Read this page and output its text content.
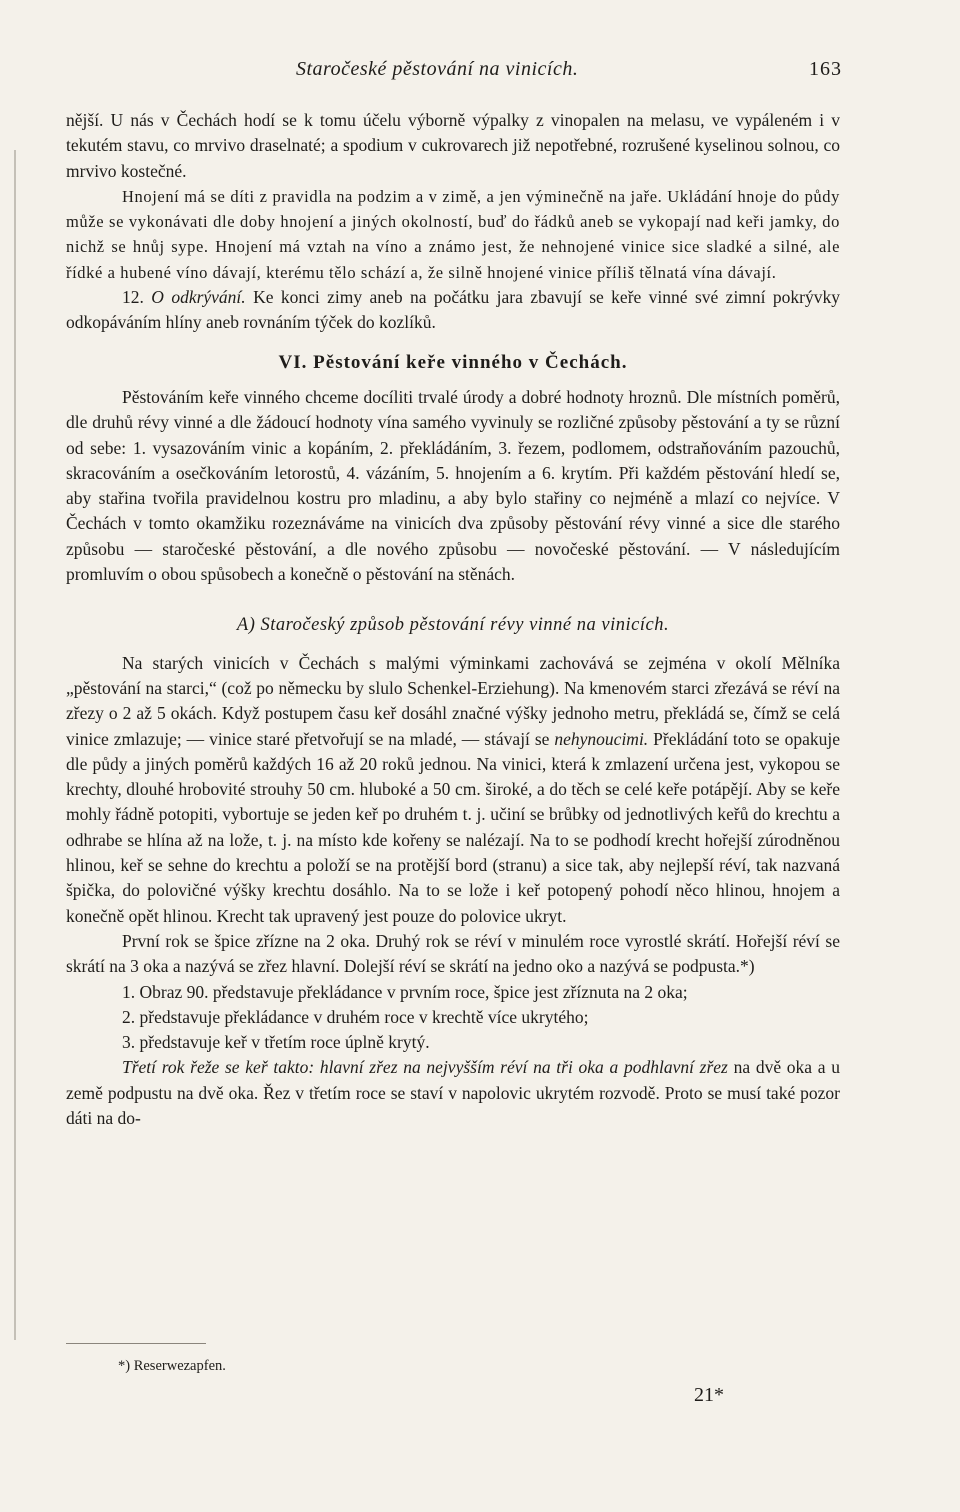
Staročeské pěstování na vinicích.	163

nější. U nás v Čechách hodí se k tomu účelu výborně výpalky z vinopalen na melasu, ve vypáleném i v tekutém stavu, co mrvivo draselnaté; a spodium v cukrovarech již nepotřebné, rozrušené kyselinou solnou, co mrvivo kostečné.

Hnojení má se díti z pravidla na podzim a v zimě, a jen výminečně na jaře. Ukládání hnoje do půdy může se vykonávati dle doby hnojení a jiných okolností, buď do řádků aneb se vykopají nad keři jamky, do nichž se hnůj sype. Hnojení má vztah na víno a známo jest, že nehnojené vinice sice sladké a silné, ale řídké a hubené víno dávají, kterému tělo schází a, že silně hnojené vinice příliš tělnatá vína dávají.

12. O odkrývání. Ke konci zimy aneb na počátku jara zbavují se keře vinné své zimní pokrývky odkopáváním hlíny aneb rovnáním týček do kozlíků.

VI. Pěstování keře vinného v Čechách.

Pěstováním keře vinného chceme docíliti trvalé úrody a dobré hodnoty hroznů. Dle místních poměrů, dle druhů révy vinné a dle žádoucí hodnoty vína samého vyvinuly se rozličné způsoby pěstování a ty se různí od sebe: 1. vysazováním vinic a kopáním, 2. překládáním, 3. řezem, podlomem, odstraňováním pazouchů, skracováním a osečkováním letorostů, 4. vázáním, 5. hnojením a 6. krytím. Při každém pěstování hledí se, aby stařina tvořila pravidelnou kostru pro mladinu, a aby bylo stařiny co nejméně a mlazí co nejvíce. V Čechách v tomto okamžiku rozeznáváme na vinicích dva způsoby pěstování révy vinné a sice dle starého způsobu — staročeské pěstování, a dle nového způsobu — novočeské pěstování. — V následujícím promluvím o obou spůsobech a konečně o pěstování na stěnách.

A) Staročeský způsob pěstování révy vinné na vinicích.

Na starých vinicích v Čechách s malými výminkami zachovává se zejména v okolí Mělníka „pěstování na starci,“ (což po německu by slulo Schenkel-Erziehung). Na kmenovém starci zřezává se réví na zřezy o 2 až 5 okách. Když postupem času keř dosáhl značné výšky jednoho metru, překládá se, čímž se celá vinice zmlazuje; — vinice staré přetvořují se na mladé, — stávají se nehynoucimi. Překládání toto se opakuje dle půdy a jiných poměrů každých 16 až 20 roků jednou. Na vinici, která k zmlazení určena jest, vykopou se krechty, dlouhé hrobovité strouhy 50 cm. hluboké a 50 cm. široké, a do těch se celé keře potápějí. Aby se keře mohly řádně potopiti, vybortuje se jeden keř po druhém t. j. učiní se brůbky od jednotlivých keřů do krechtu a odhrabe se hlína až na lože, t. j. na místo kde kořeny se nalézají. Na to se podhodí krecht hořejší zúrodněnou hlinou, keř se sehne do krechtu a položí se na protější bord (stranu) a sice tak, aby nejlepší réví, tak nazvaná špička, do polovičné výšky krechtu dosáhlo. Na to se lože i keř potopený pohodí něco hlinou, hnojem a konečně opět hlinou. Krecht tak upravený jest pouze do polovice ukryt.

První rok se špice zřízne na 2 oka. Druhý rok se réví v minulém roce vyrostlé skrátí. Hořejší réví se skrátí na 3 oka a nazývá se zřez hlavní. Dolejší réví se skrátí na jedno oko a nazývá se podpusta.*)

1. Obraz 90. představuje překládance v prvním roce, špice jest zříznuta na 2 oka;

2. představuje překládance v druhém roce v krechtě více ukrytého;

3. představuje keř v třetím roce úplně krytý.

Třetí rok řeže se keř takto: hlavní zřez na nejvyšším réví na tři oka a podhlavní zřez na dvě oka a u země podpustu na dvě oka. Řez v třetím roce se staví v napolovic ukrytém rozvodě. Proto se musí také pozor dáti na do-

*) Reserwezapfen.
21*
